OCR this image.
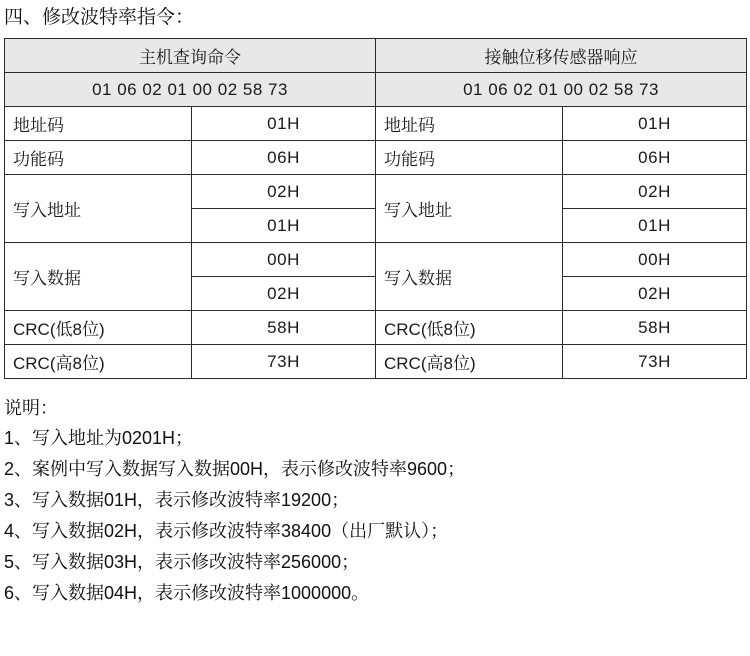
四、修改波特率指令：
主机查询命令		接触位移传感器响应	
01 06 02 01 00 02 58 73		01 06 02 01 00 02 58 73	
地址码	01H	地址码	01H
功能码	06H	功能码	06H
写入地址	02H	写入地址	02H
	01H		01H
写入数据	00H	写入数据	00H
	02H		02H
CRC(低8位)	58H	CRC(低8位)	58H
CRC(高8位)	73H	CRC(高8位)	73H
说明：
1、写入地址为0201H；
2、案例中写入数据写入数据00H，表示修改波特率9600；
3、写入数据01H，表示修改波特率19200；
4、写入数据02H，表示修改波特率38400（出厂默认）；
5、写入数据03H，表示修改波特率256000；
6、写入数据04H，表示修改波特率1000000。
